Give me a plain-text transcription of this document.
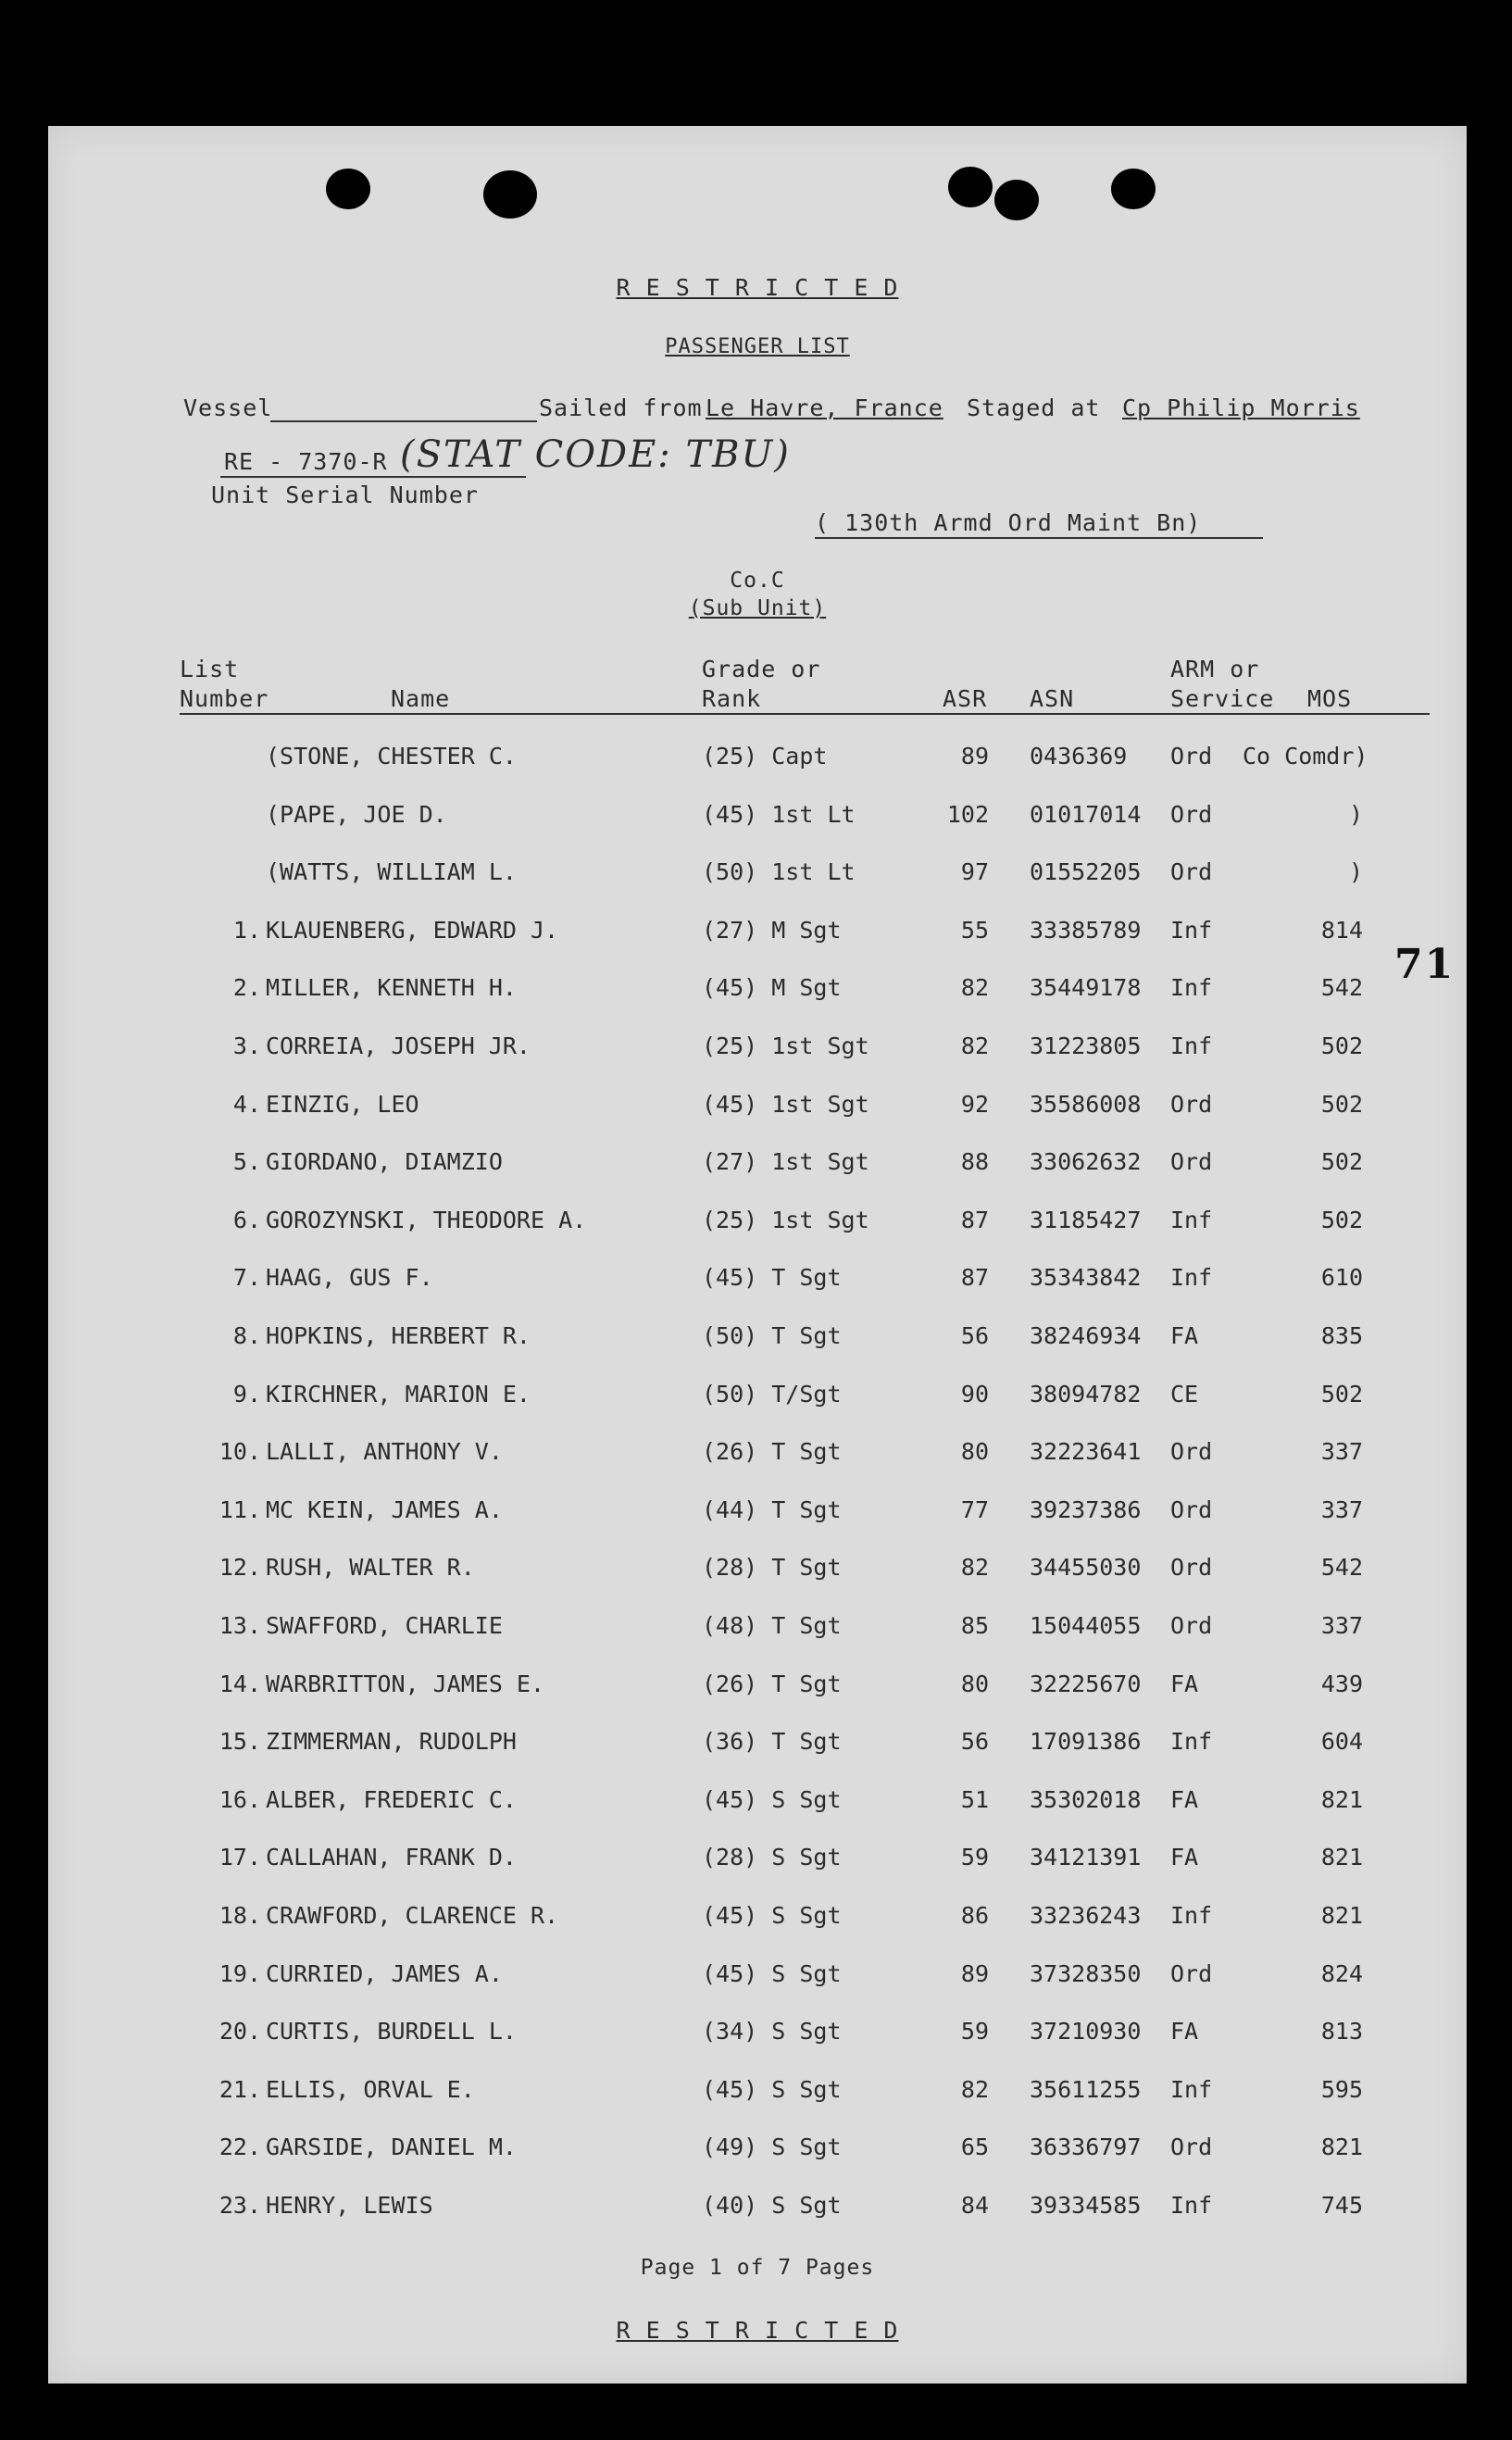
R E S T R I C T E D
PASSENGER LIST
Vessel	Sailed from Le Havre, France Staged at Cp Philip Morris
RE - 7370-R (STAT CODE: TBU)
Unit Serial Number
( 130th Armd Ord Maint Bn)
Co.C
(Sub Unit)
71
List
Number	Name
Grade or
Rank	ASR ASN
ARM or
Service MOS
(STONE, CHESTER C.	(25) Capt	89 0436369 Ord Co Comdr)
(PAPE, JOE D.	(45) 1st Lt	102 01017014 Ord	)
(WATTS, WILLIAM L.	(50) 1st Lt	97 01552205 Ord	)
1. KLAUENBERG, EDWARD J.	(27) M Sgt	55 33385789 Inf	814
2. MILLER, KENNETH H.	(45) M Sgt	82 35449178 Inf	542
3. CORREIA, JOSEPH JR.	(25) 1st Sgt	82 31223805 Inf	502
4. EINZIG, LEO	(45) 1st Sgt	92 35586008 Ord	502
5. GIORDANO, DIAMZIO	(27) 1st Sgt	88 33062632 Ord	502
6. GOROZYNSKI, THEODORE A.	(25) 1st Sgt	87 31185427 Inf	502
7. HAAG, GUS F.	(45) T Sgt	87 35343842 Inf	610
8. HOPKINS, HERBERT R.	(50) T Sgt	56 38246934 FA	835
9. KIRCHNER, MARION E.	(50) T/Sgt	90 38094782 CE	502
10. LALLI, ANTHONY V.	(26) T Sgt	80 32223641 Ord	337
11. MC KEIN, JAMES A.	(44) T Sgt	77 39237386 Ord	337
12. RUSH, WALTER R.	(28) T Sgt	82 34455030 Ord	542
13. SWAFFORD, CHARLIE	(48) T Sgt	85 15044055 Ord	337
14. WARBRITTON, JAMES E.	(26) T Sgt	80 32225670 FA	439
15. ZIMMERMAN, RUDOLPH	(36) T Sgt	56 17091386 Inf	604
16. ALBER, FREDERIC C.	(45) S Sgt	51 35302018 FA	821
17. CALLAHAN, FRANK D.	(28) S Sgt	59 34121391 FA	821
18. CRAWFORD, CLARENCE R.	(45) S Sgt	86 33236243 Inf	821
19. CURRIED, JAMES A.	(45) S Sgt	89 37328350 Ord	824
20. CURTIS, BURDELL L.	(34) S Sgt	59 37210930 FA	813
21. ELLIS, ORVAL E.	(45) S Sgt	82 35611255 Inf	595
22. GARSIDE, DANIEL M.	(49) S Sgt	65 36336797 Ord	821
23. HENRY, LEWIS	(40) S Sgt	84 39334585 Inf	745
Page 1 of 7 Pages
R E S T R I C T E D
